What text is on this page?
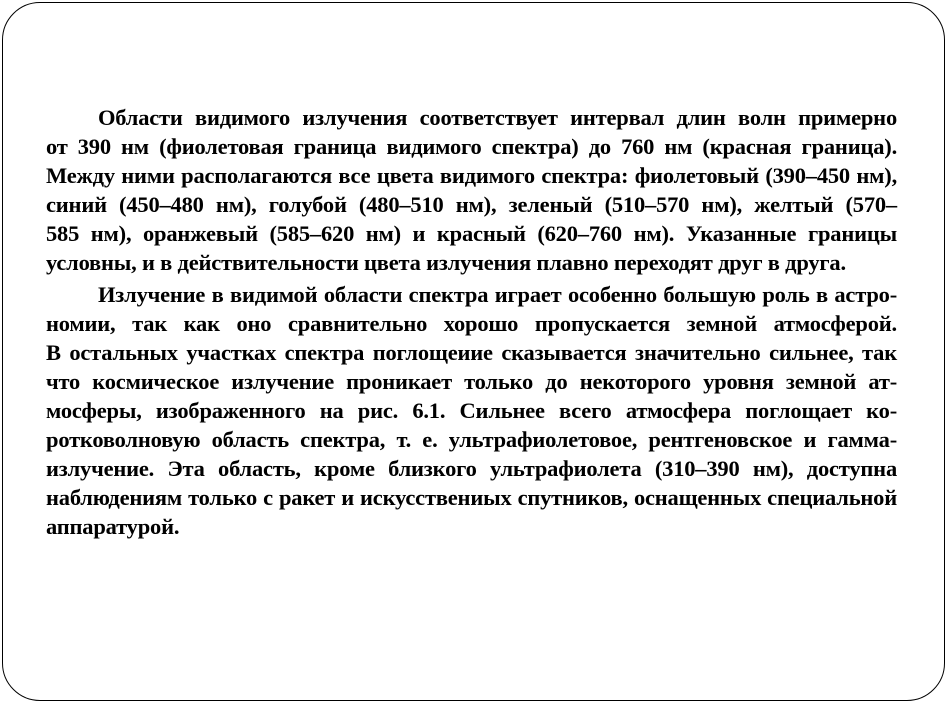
Области видимого излучения соответствует интервал длин волн примерно
от 390 нм (фиолетовая граница видимого спектра) до 760 нм (красная граница).
Между ними располагаются все цвета видимого спектра: фиолетовый (390–450 нм),
синий (450–480 нм), голубой (480–510 нм), зеленый (510–570 нм), желтый (570–
585 нм), оранжевый (585–620 нм) и красный (620–760 нм). Указанные границы
условны, и в действительности цвета излучения плавно переходят друг в друга.
Излучение в видимой области спектра играет особенно большую роль в астро-
номии, так как оно сравнительно хорошо пропускается земной атмосферой.
В остальных участках спектра поглощеиие сказывается значительно сильнее, так
что космическое излучение проникает только до некоторого уровня земной ат-
мосферы, изображенного на рис. 6.1. Сильнее всего атмосфера поглощает ко-
ротковолновую область спектра, т. е. ультрафиолетовое, рентгеновское и гамма-
излучение. Эта область, кроме близкого ультрафиолета (310–390 нм), доступна
наблюдениям только с ракет и искусствениых спутников, оснащенных специальной
аппаратурой.
